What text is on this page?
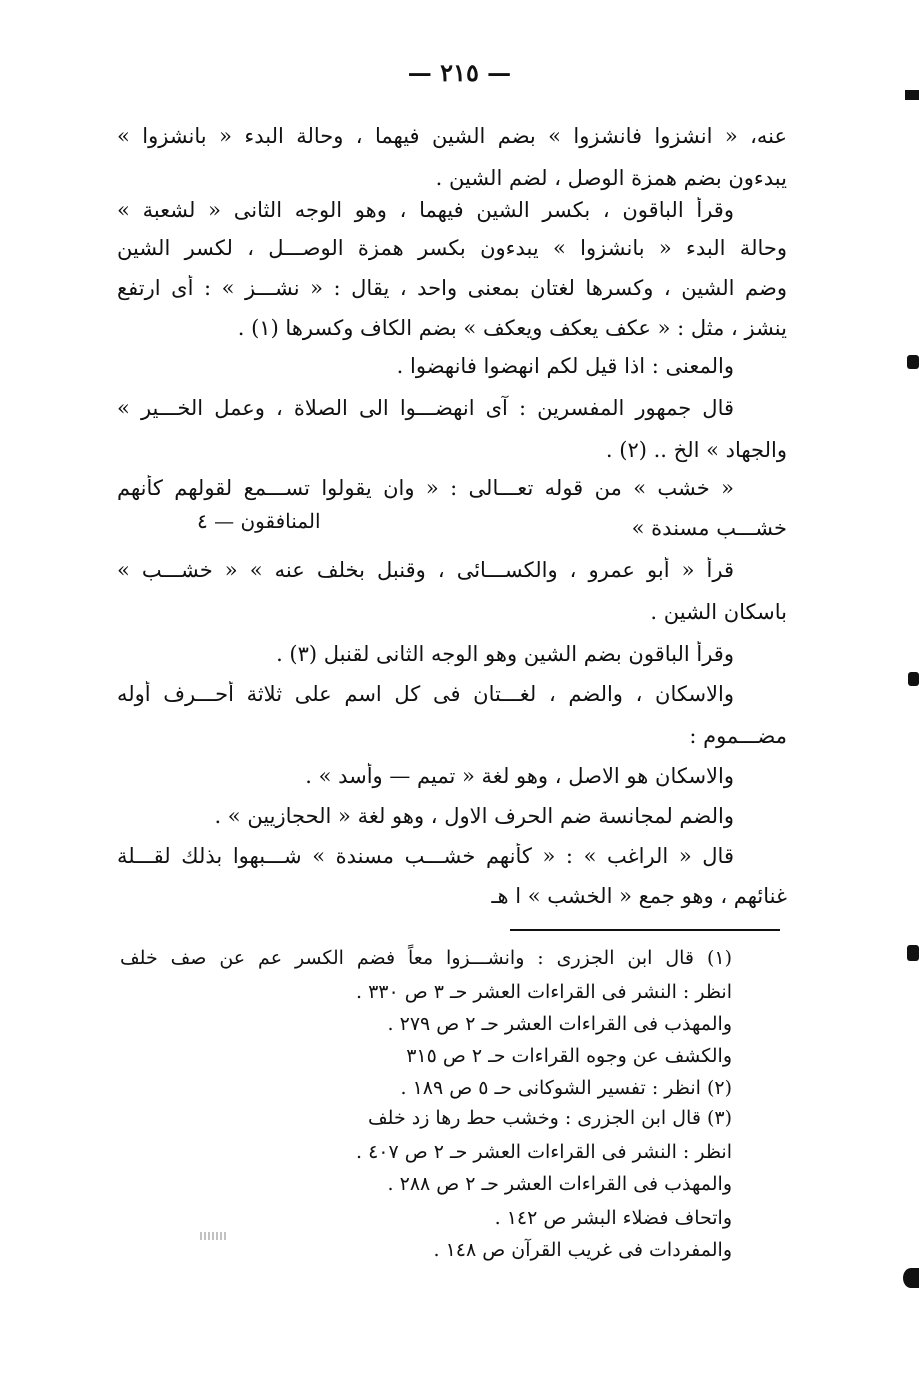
— ٢١٥ —
عنه، « انشزوا فانشزوا » بضم الشين فيهما ، وحالة البدء « بانشزوا »
يبدءون بضم همزة الوصل ، لضم الشين .
وقرأ الباقون ، بكسر الشين فيهما ، وهو الوجه الثانى « لشعبة »
وحالة البدء « بانشزوا » يبدءون بكسر همزة الوصـــل ، لكسر الشين
وضم الشين ، وكسرها لغتان بمعنى واحد ، يقال : « نشـــز » : أى ارتفع
ينشز ، مثل : « عكف يعكف ويعكف » بضم الكاف وكسرها (١) .
والمعنى : اذا قيل لكم انهضوا فانهضوا .
قال جمهور المفسرين : آى انهضـــوا الى الصلاة ، وعمل الخـــير »
والجهاد » الخ .. (٢) .
« خشب » من قوله تعـــالى : « وان يقولوا تســـمع لقولهم كأنهم
خشـــب مسندة »
المنافقون — ٤
قرأ « أبو عمرو ، والكســـائى ، وقنبل بخلف عنه » « خشـــب »
باسكان الشين .
وقرأ الباقون بضم الشين وهو الوجه الثانى لقنبل (٣) .
والاسكان ، والضم ، لغـــتان فى كل اسم على ثلاثة أحـــرف أوله
مضـــموم :
والاسكان هو الاصل ، وهو لغة « تميم — وأسد » .
والضم لمجانسة ضم الحرف الاول ، وهو لغة « الحجازيين » .
قال « الراغب » : « كأنهم خشـــب مسندة » شـــبهوا بذلك لقـــلة
غنائهم ، وهو جمع « الخشب » ا هـ
(١) قال ابن الجزرى : وانشـــزوا معاً فضم الكسر عم عن صف خلف
انظر : النشر فى القراءات العشر حـ ٣ ص ٣٣٠ .
والمهذب فى القراءات العشر حـ ٢ ص ٢٧٩ .
والكشف عن وجوه القراءات حـ ٢ ص ٣١٥
(٢) انظر : تفسير الشوكانى حـ ٥ ص ١٨٩ .
(٣) قال ابن الجزرى : وخشب حط رها زد خلف
انظر : النشر فى القراءات العشر حـ ٢ ص ٤٠٧ .
والمهذب فى القراءات العشر حـ ٢ ص ٢٨٨ .
واتحاف فضلاء البشر ص ١٤٢ .
والمفردات فى غريب القرآن ص ١٤٨ .
